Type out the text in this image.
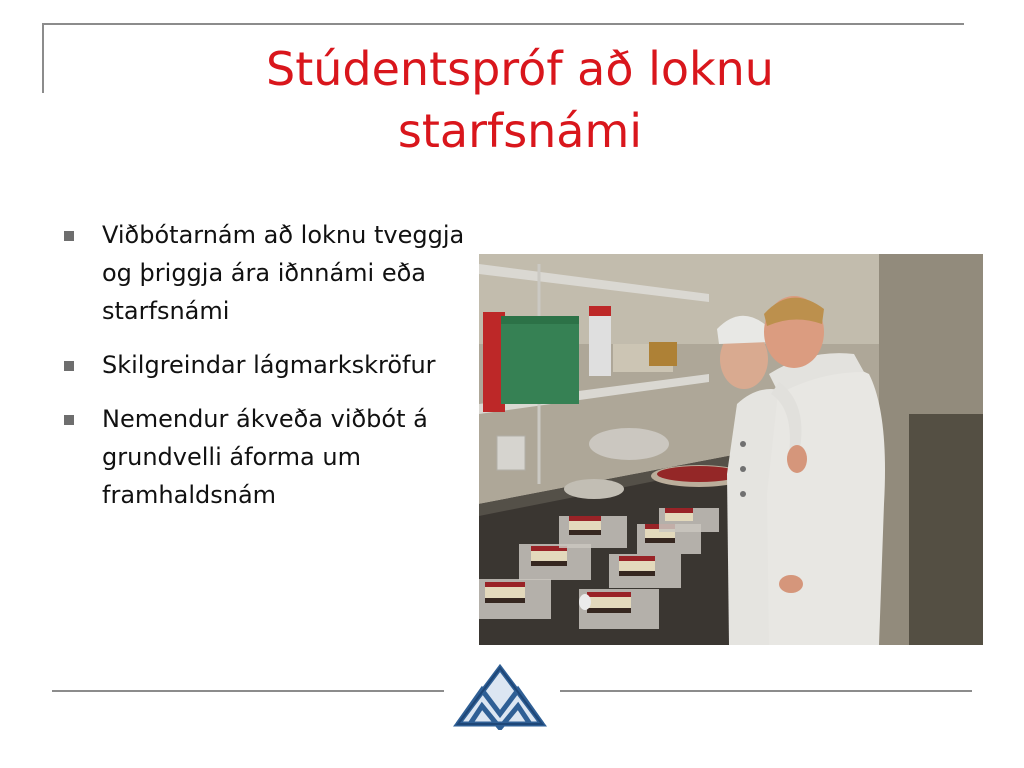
Stúdentspróf að loknu
starfsnámi
Viðbótarnám að loknu tveggja og þriggja ára iðnnámi eða starfsnámi
Skilgreindar lágmarkskröfur
Nemendur ákveða viðbót á grundvelli áforma um framhaldsnám
